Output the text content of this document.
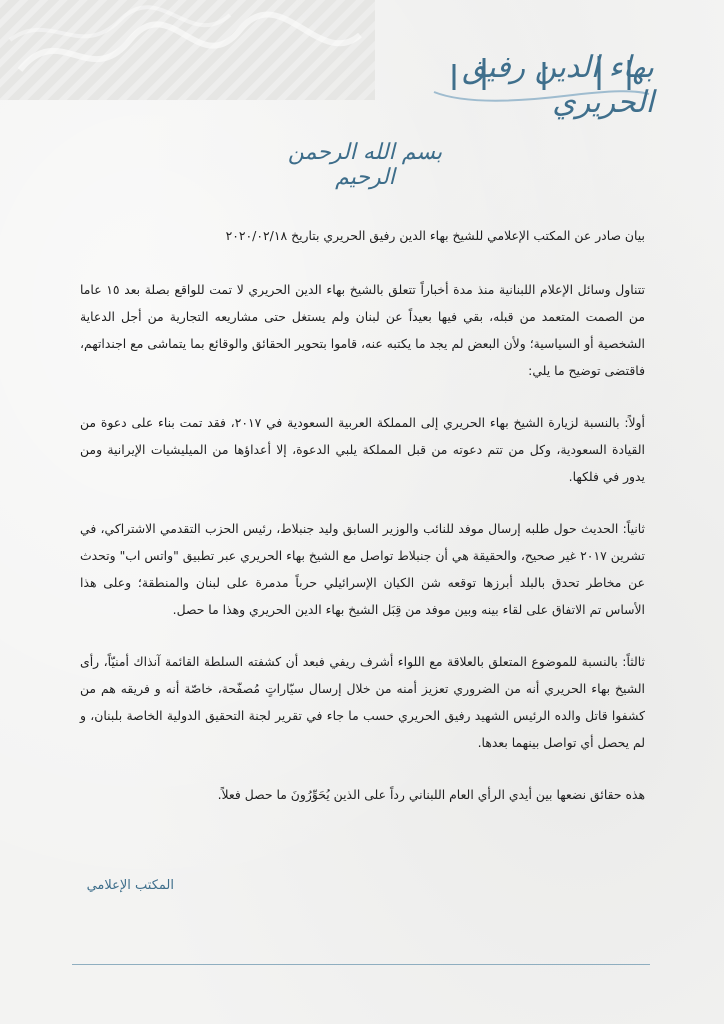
بهاء الدين رفيق الحريري
بسم الله الرحمن الرحيم

بيان صادر عن المكتب الإعلامي للشيخ بهاء الدين رفيق الحريري بتاريخ ٢٠٢٠/٠٢/١٨

تتناول وسائل الإعلام اللبنانية منذ مدة أخباراً تتعلق بالشيخ بهاء الدين الحريري لا تمت للواقع بصلة بعد ١٥ عاما من الصمت المتعمد من قبله، بقي فيها بعيداً عن لبنان ولم يستغل حتى مشاريعه التجارية من أجل الدعاية الشخصية أو السياسية؛ ولأن البعض لم يجد ما يكتبه عنه، قاموا بتحوير الحقائق والوقائع بما يتماشى مع اجنداتهم، فاقتضى توضيح ما يلي:

أولاً: بالنسبة لزيارة الشيخ بهاء الحريري إلى المملكة العربية السعودية في ٢٠١٧، فقد تمت بناء على دعوة من القيادة السعودية، وكل من تتم دعوته من قبل المملكة يلبي الدعوة، إلا أعداؤها من الميليشيات الإيرانية ومن يدور في فلكها.

ثانياً: الحديث حول طلبه إرسال موفد للنائب والوزير السابق وليد جنبلاط، رئيس الحزب التقدمي الاشتراكي، في تشرين ٢٠١٧ غير صحيح، والحقيقة هي أن جنبلاط تواصل مع الشيخ بهاء الحريري عبر تطبيق "واتس اب" وتحدث عن مخاطر تحدق بالبلد أبرزها توقعه شن الكيان الإسرائيلي حرباً مدمرة على لبنان والمنطقة؛ وعلى هذا الأساس تم الاتفاق على لقاء بينه وبين موفد من قِبَل الشيخ بهاء الدين الحريري وهذا ما حصل.

ثالثاً: بالنسبة للموضوع المتعلق بالعلاقة مع اللواء أشرف ريفي فبعد أن كشفته السلطة القائمة آنذاك أمنيّاً، رأى الشيخ بهاء الحريري أنه من الضروري تعزيز أمنه من خلال إرسال سيّاراتٍ مُصفّحة، خاصّة أنه و فريقه هم من كشفوا قاتل والده الرئيس الشهيد رفيق الحريري حسب ما جاء في تقرير لجنة التحقيق الدولية الخاصة بلبنان، و لم يحصل أي تواصل بينهما بعدها.

هذه حقائق نضعها بين أيدي الرأي العام اللبناني رداً على الذين يُحَوِّرُونَ ما حصل فعلاً.

المكتب الإعلامي
